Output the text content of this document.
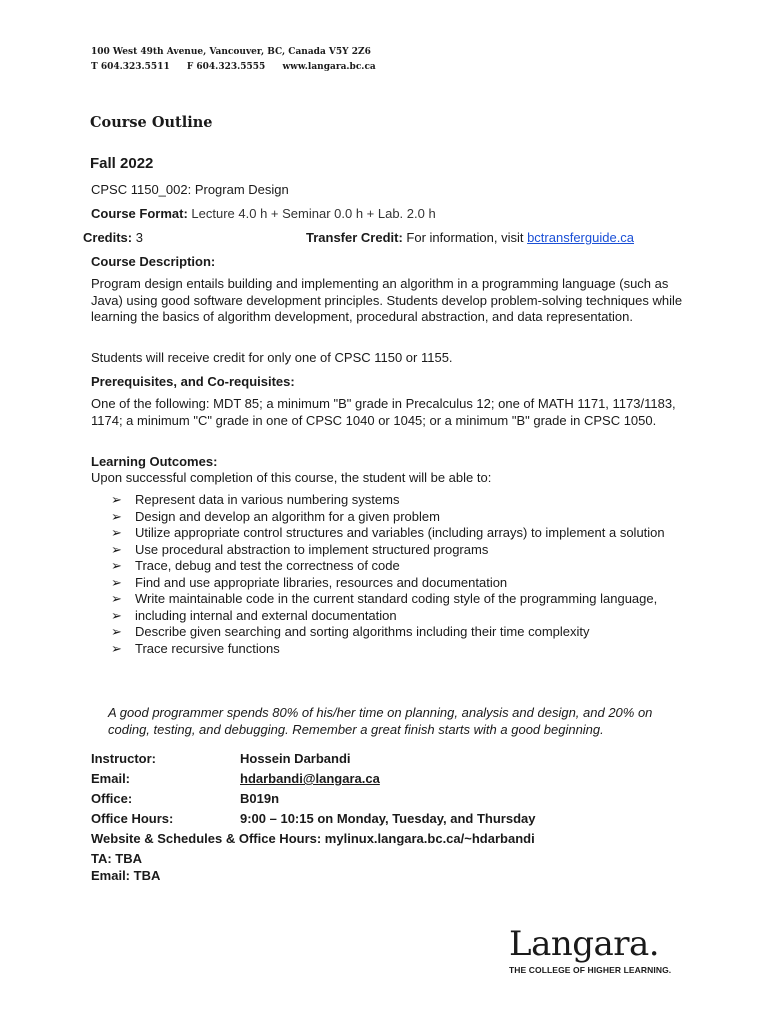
100 West 49th Avenue, Vancouver, BC, Canada V5Y 2Z6
T 604.323.5511 F 604.323.5555 www.langara.bc.ca
Course Outline
Fall 2022
CPSC 1150_002: Program Design
Course Format: Lecture 4.0 h + Seminar 0.0 h + Lab. 2.0 h
Credits: 3	Transfer Credit: For information, visit bctransferguide.ca
Course Description:
Program design entails building and implementing an algorithm in a programming language (such as Java) using good software development principles. Students develop problem-solving techniques while learning the basics of algorithm development, procedural abstraction, and data representation.
Students will receive credit for only one of CPSC 1150 or 1155.
Prerequisites, and Co-requisites:
One of the following: MDT 85; a minimum "B" grade in Precalculus 12; one of MATH 1171, 1173/1183, 1174; a minimum "C" grade in one of CPSC 1040 or 1045; or a minimum "B" grade in CPSC 1050.
Learning Outcomes:
Upon successful completion of this course, the student will be able to:
➢ Represent data in various numbering systems
➢ Design and develop an algorithm for a given problem
➢ Utilize appropriate control structures and variables (including arrays) to implement a solution
➢ Use procedural abstraction to implement structured programs
➢ Trace, debug and test the correctness of code
➢ Find and use appropriate libraries, resources and documentation
➢ Write maintainable code in the current standard coding style of the programming language,
➢ including internal and external documentation
➢ Describe given searching and sorting algorithms including their time complexity
➢ Trace recursive functions
A good programmer spends 80% of his/her time on planning, analysis and design, and 20% on coding, testing, and debugging. Remember a great finish starts with a good beginning.
Instructor:	Hossein Darbandi
Email:	hdarbandi@langara.ca
Office:	B019n
Office Hours:	9:00 – 10:15 on Monday, Tuesday, and Thursday
Website & Schedules & Office Hours: mylinux.langara.bc.ca/~hdarbandi
TA: TBA
Email: TBA
Langara.
THE COLLEGE OF HIGHER LEARNING.
